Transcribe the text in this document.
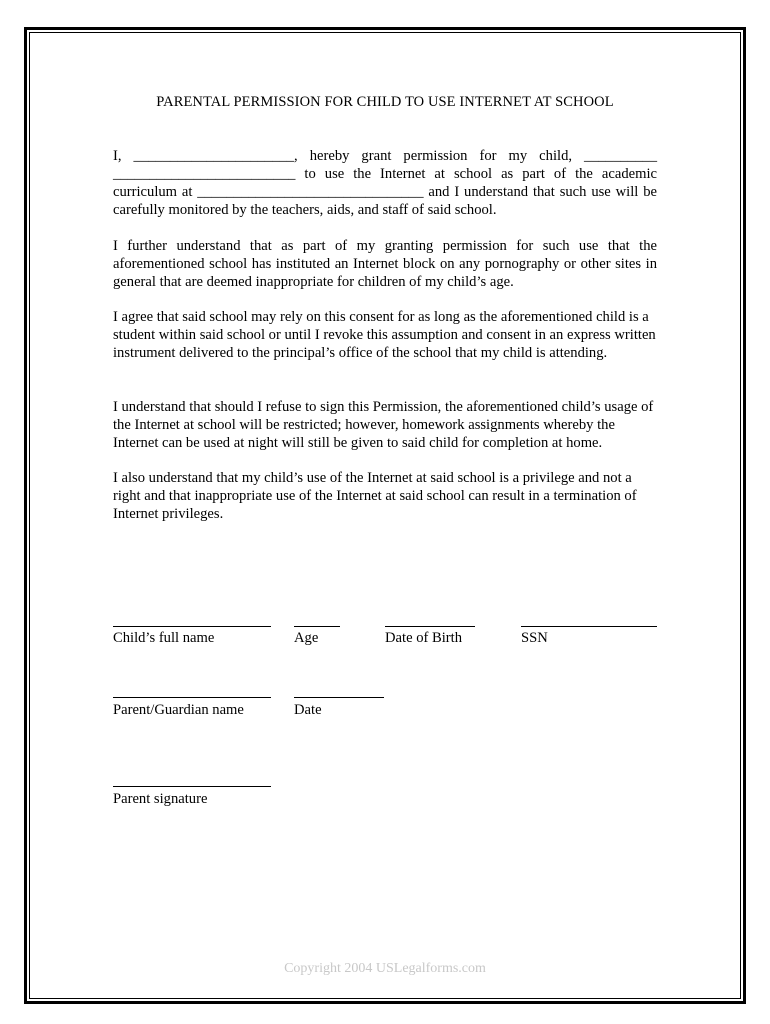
PARENTAL PERMISSION FOR CHILD TO USE INTERNET AT SCHOOL

I, ______________________, hereby grant permission for my child, __________ _________________________ to use the Internet at school as part of the academic curriculum at _______________________________ and I understand that such use will be carefully monitored by the teachers, aids, and staff of said school.

I further understand that as part of my granting permission for such use that the aforementioned school has instituted an Internet block on any pornography or other sites in general that are deemed inappropriate for children of my child’s age.

I agree that said school may rely on this consent for as long as the aforementioned child is a student within said school or until I revoke this assumption and consent in an express written instrument delivered to the principal’s office of the school that my child is attending.

I understand that should I refuse to sign this Permission, the aforementioned child’s usage of the Internet at school will be restricted; however, homework assignments whereby the Internet can be used at night will still be given to said child for completion at home.

I also understand that my child’s use of the Internet at said school is a privilege and not a right and that inappropriate use of the Internet at said school can result in a termination of Internet privileges.

Child’s full name	Age	Date of Birth	SSN
Parent/Guardian name	Date
Parent signature
Copyright 2004 USLegalforms.com
